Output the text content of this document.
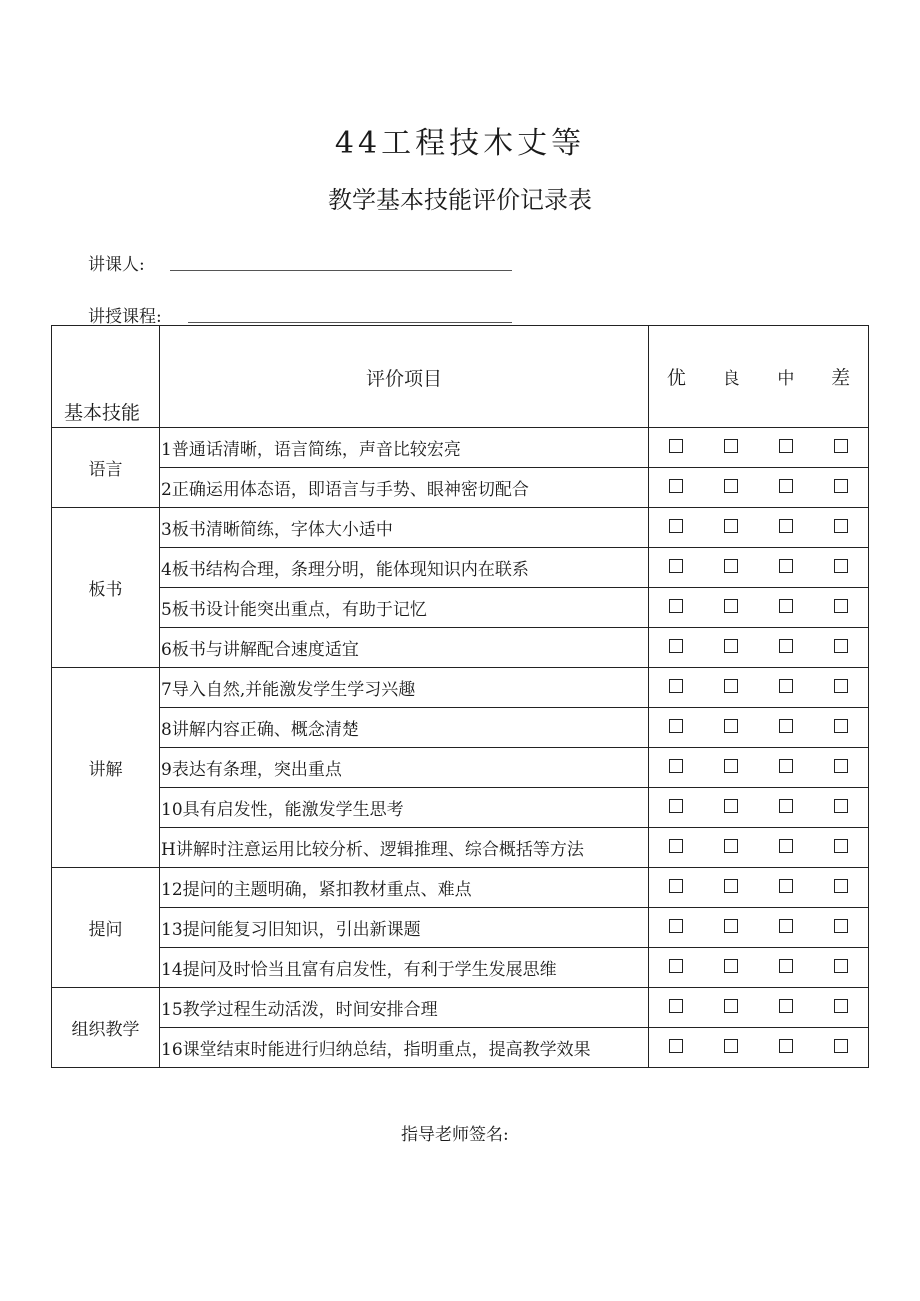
44工程技木丈等
教学基本技能评价记录表
讲课人:
讲授课程:
基本技能	评价项目	优 良 中 差

语言	1普通话清晰，语言简练，声音比较宏亮	

	2正确运用体态语，即语言与手势、眼神密切配合	

板书	3板书清晰简练，字体大小适中	

	4板书结构合理，条理分明，能体现知识内在联系	

	5板书设计能突出重点，有助于记忆	

	6板书与讲解配合速度适宜	

讲解	7导入自然,并能激发学生学习兴趣	

	8讲解内容正确、概念清楚	

	9表达有条理，突出重点	

	10具有启发性，能激发学生思考	

	H讲解时注意运用比较分析、逻辑推理、综合概括等方法	

提问	12提问的主题明确，紧扣教材重点、难点	

	13提问能复习旧知识，引出新课题	

	14提问及时恰当且富有启发性，有利于学生发展思维	

组织教学	15教学过程生动活泼，时间安排合理	

	16课堂结束时能进行归纳总结，指明重点，提高教学效果	
指导老师签名:
